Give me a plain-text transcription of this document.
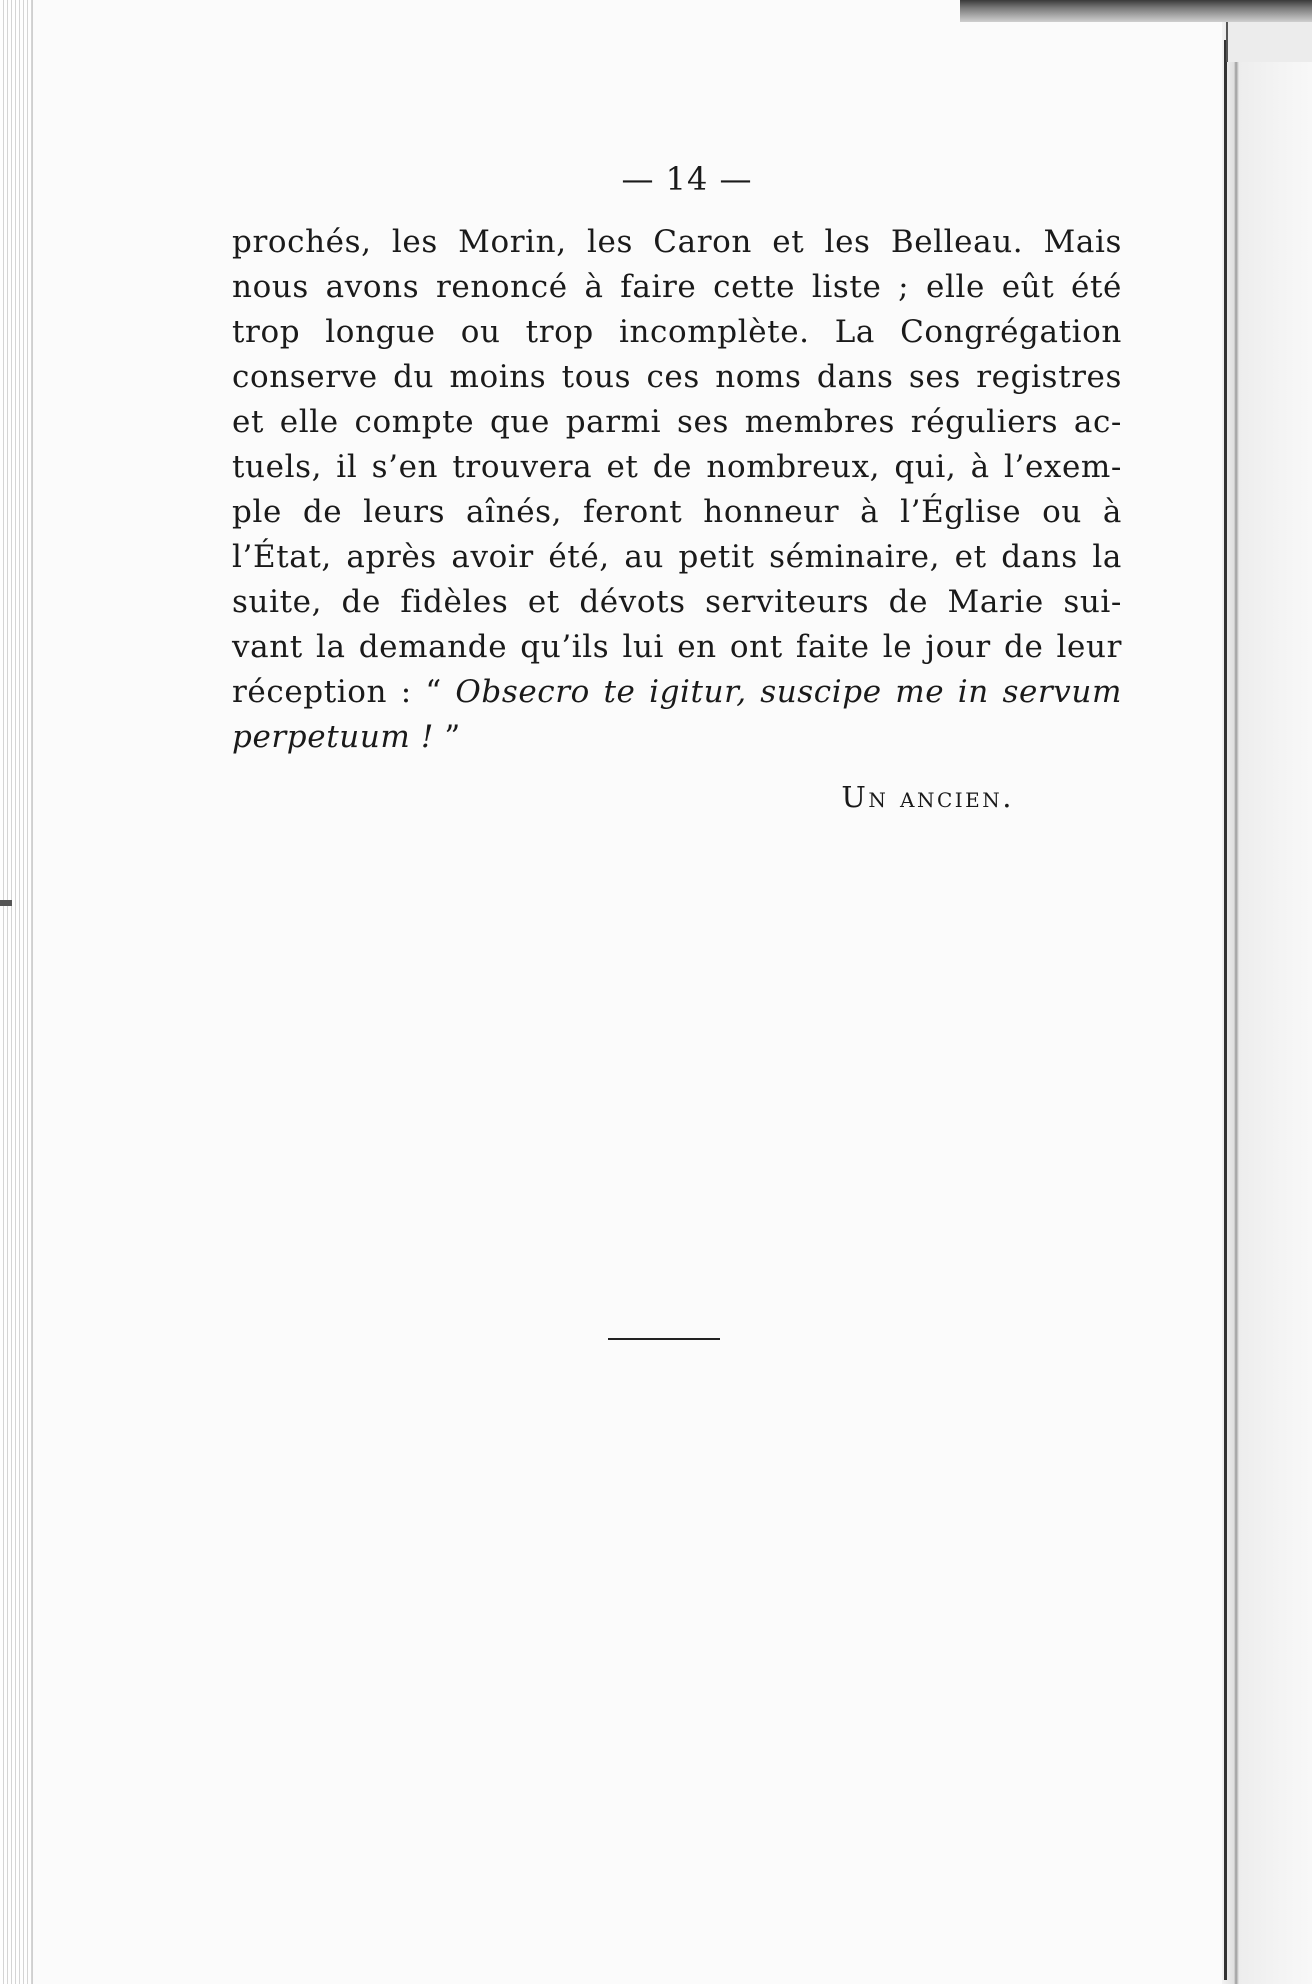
— 14 —

prochés, les Morin, les Caron et les Belleau. Mais
nous avons renoncé à faire cette liste ; elle eût été
trop longue ou trop incomplète. La Congrégation
conserve du moins tous ces noms dans ses registres
et elle compte que parmi ses membres réguliers ac-
tuels, il s’en trouvera et de nombreux, qui, à l’exem-
ple de leurs aînés, feront honneur à l’Église ou à
l’État, après avoir été, au petit séminaire, et dans la
suite, de fidèles et dévots serviteurs de Marie sui-
vant la demande qu’ils lui en ont faite le jour de leur
réception : “ Obsecro te igitur, suscipe me in servum
perpetuum ! ”

Un ancien.
